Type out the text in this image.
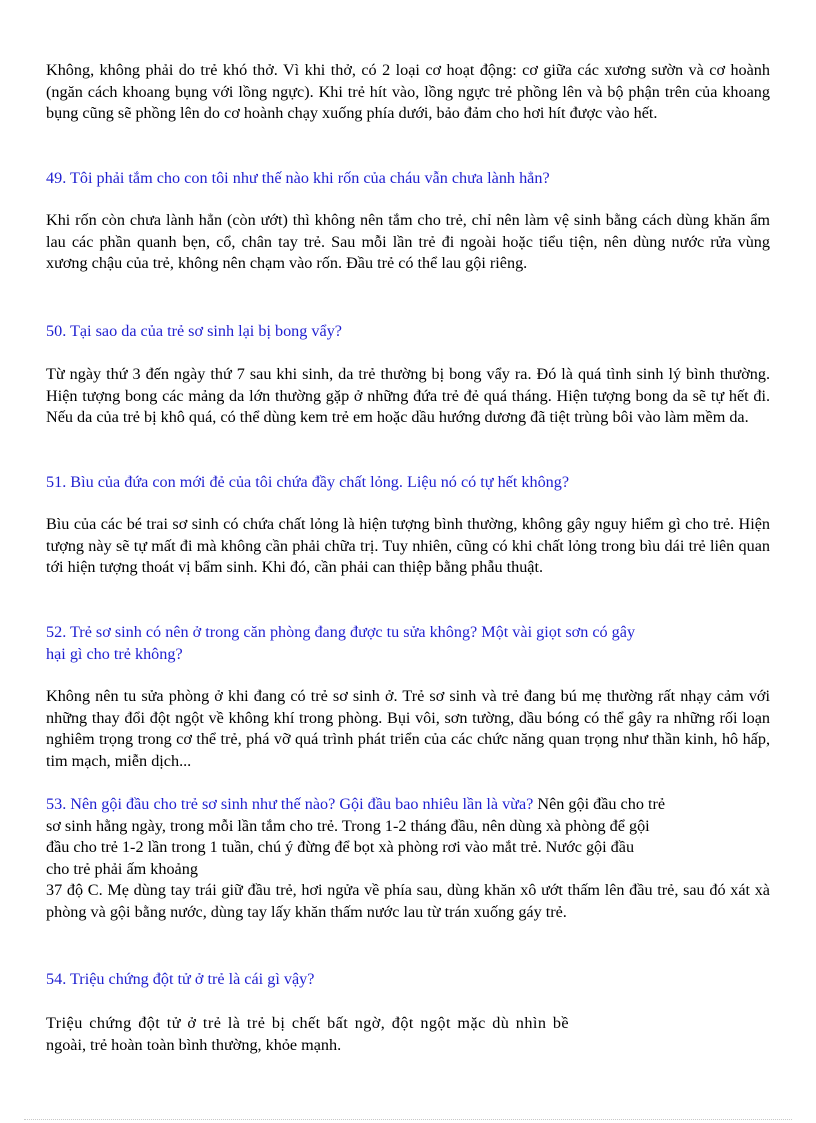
Không, không phải do trẻ khó thở. Vì khi thở, có 2 loại cơ hoạt động: cơ giữa các xương sườn và cơ hoành (ngăn cách khoang bụng với lồng ngực). Khi trẻ hít vào, lồng ngực trẻ phồng lên và bộ phận trên của khoang bụng cũng sẽ phồng lên do cơ hoành chạy xuống phía dưới, bảo đảm cho hơi hít được vào hết.

49. Tôi phải tắm cho con tôi như thế nào khi rốn của cháu vẫn chưa lành hẳn?

Khi rốn còn chưa lành hẳn (còn ướt) thì không nên tắm cho trẻ, chỉ nên làm vệ sinh bằng cách dùng khăn ẩm lau các phần quanh bẹn, cổ, chân tay trẻ. Sau mỗi lần trẻ đi ngoài hoặc tiểu tiện, nên dùng nước rửa vùng xương chậu của trẻ, không nên chạm vào rốn. Đầu trẻ có thể lau gội riêng.

50. Tại sao da của trẻ sơ sinh lại bị bong vẩy?

Từ ngày thứ 3 đến ngày thứ 7 sau khi sinh, da trẻ thường bị bong vẩy ra. Đó là quá tình sinh lý bình thường. Hiện tượng bong các mảng da lớn thường gặp ở những đứa trẻ đẻ quá tháng. Hiện tượng bong da sẽ tự hết đi. Nếu da của trẻ bị khô quá, có thể dùng kem trẻ em hoặc dầu hướng dương đã tiệt trùng bôi vào làm mềm da.

51. Bìu của đứa con mới đẻ của tôi chứa đầy chất lỏng. Liệu nó có tự hết không?

Bìu của các bé trai sơ sinh có chứa chất lỏng là hiện tượng bình thường, không gây nguy hiểm gì cho trẻ. Hiện tượng này sẽ tự mất đi mà không cần phải chữa trị. Tuy nhiên, cũng có khi chất lỏng trong bìu dái trẻ liên quan tới hiện tượng thoát vị bẩm sinh. Khi đó, cần phải can thiệp bằng phẫu thuật.

52. Trẻ sơ sinh có nên ở trong căn phòng đang được tu sửa không? Một vài giọt sơn có gây
hại gì cho trẻ không?

Không nên tu sửa phòng ở khi đang có trẻ sơ sinh ở. Trẻ sơ sinh và trẻ đang bú mẹ thường rất nhạy cảm với những thay đổi đột ngột về không khí trong phòng. Bụi vôi, sơn tường, dầu bóng có thể gây ra những rối loạn nghiêm trọng trong cơ thể trẻ, phá vỡ quá trình phát triển của các chức năng quan trọng như thần kinh, hô hấp, tim mạch, miễn dịch...

53. Nên gội đầu cho trẻ sơ sinh như thế nào? Gội đầu bao nhiêu lần là vừa? Nên gội đầu cho trẻ
sơ sinh hằng ngày, trong mỗi lần tắm cho trẻ. Trong 1-2 tháng đầu, nên dùng xà phòng để gội
đầu cho trẻ 1-2 lần trong 1 tuần, chú ý đừng để bọt xà phòng rơi vào mắt trẻ. Nước gội đầu
cho trẻ phải ấm khoảng

37 độ C. Mẹ dùng tay trái giữ đầu trẻ, hơi ngửa về phía sau, dùng khăn xô ướt thấm lên đầu trẻ, sau đó xát xà phòng và gội bằng nước, dùng tay lấy khăn thấm nước lau từ trán xuống gáy trẻ.

54. Triệu chứng đột tử ở trẻ là cái gì vậy?

Triệu chứng đột tử ở trẻ là trẻ bị chết bất ngờ, đột ngột mặc dù nhìn bề
ngoài, trẻ hoàn toàn bình thường, khỏe mạnh.
